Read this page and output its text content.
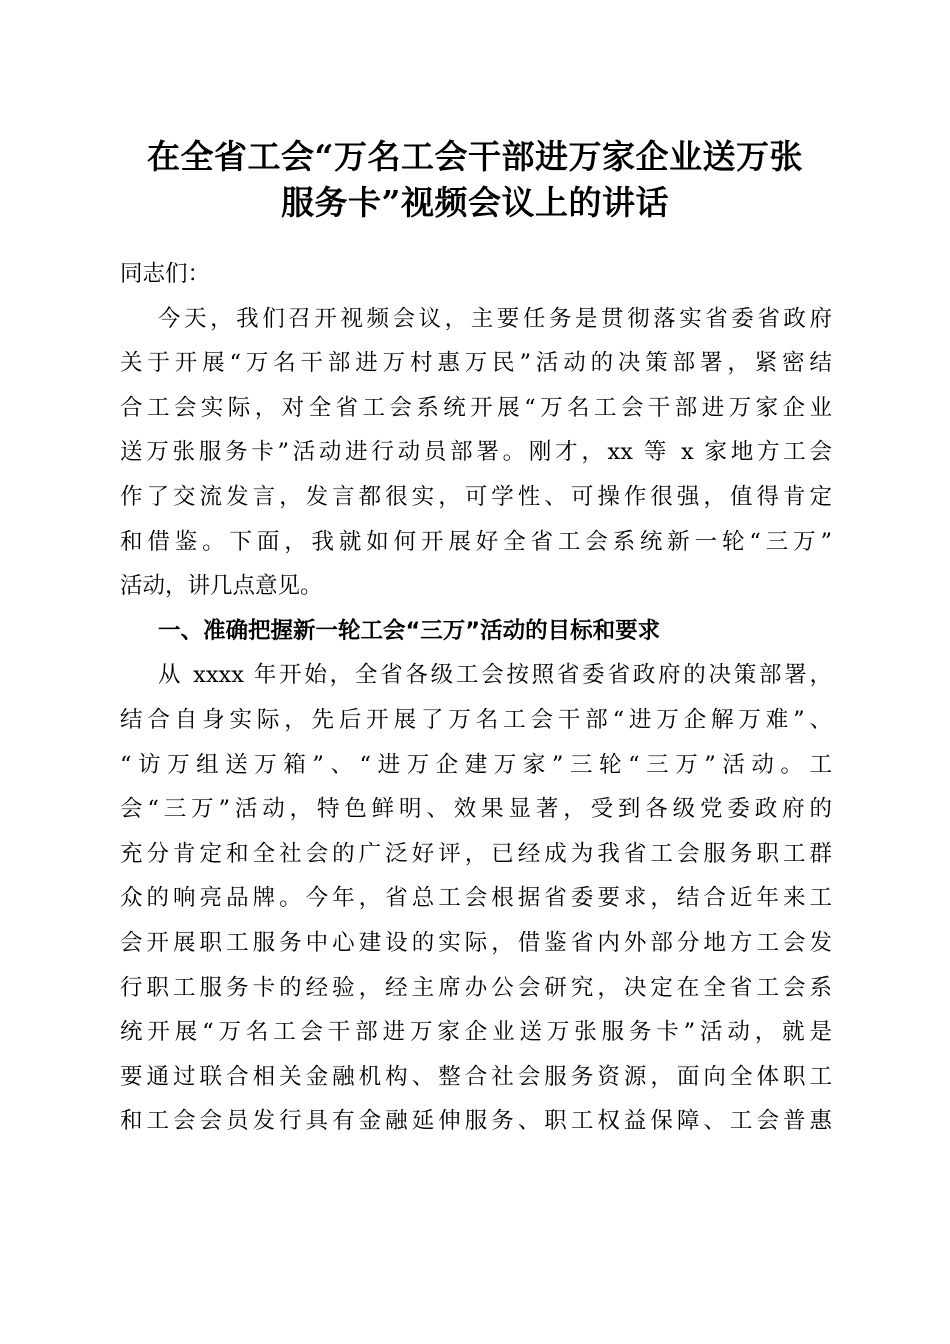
在全省工会“万名工会干部进万家企业送万张
服务卡”视频会议上的讲话
同志们：
今天，我们召开视频会议，主要任务是贯彻落实省委省政府
关于开展“万名干部进万村惠万民”活动的决策部署，紧密结
合工会实际，对全省工会系统开展“万名工会干部进万家企业
送万张服务卡”活动进行动员部署。刚才，xx 等 x 家地方工会
作了交流发言，发言都很实，可学性、可操作很强，值得肯定
和借鉴。下面，我就如何开展好全省工会系统新一轮“三万”
活动，讲几点意见。
一、准确把握新一轮工会“三万”活动的目标和要求
从 xxxx 年开始，全省各级工会按照省委省政府的决策部署，
结合自身实际，先后开展了万名工会干部“进万企解万难”、
“访万组送万箱”、“进万企建万家”三轮“三万”活动。工
会“三万”活动，特色鲜明、效果显著，受到各级党委政府的
充分肯定和全社会的广泛好评，已经成为我省工会服务职工群
众的响亮品牌。今年，省总工会根据省委要求，结合近年来工
会开展职工服务中心建设的实际，借鉴省内外部分地方工会发
行职工服务卡的经验，经主席办公会研究，决定在全省工会系
统开展“万名工会干部进万家企业送万张服务卡”活动，就是
要通过联合相关金融机构、整合社会服务资源，面向全体职工
和工会会员发行具有金融延伸服务、职工权益保障、工会普惠
